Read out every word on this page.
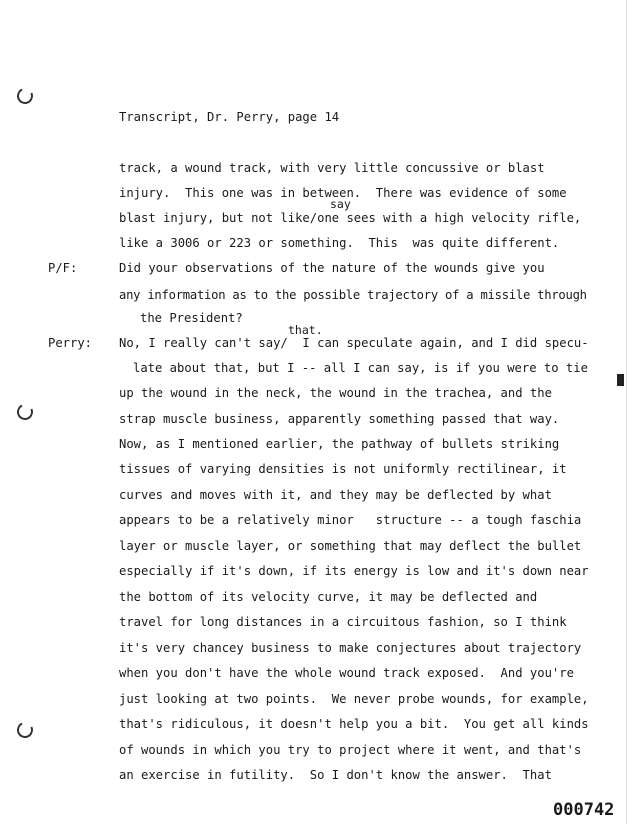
Transcript, Dr. Perry, page 14
track, a wound track, with very little concussive or blast
injury.  This one was in between.  There was evidence of some
say
blast injury, but not like/one sees with a high velocity rifle,
like a 3006 or 223 or something.  This  was quite different.
P/F:	Did your observations of the nature of the wounds give you
any information as to the possible trajectory of a missile through
the President?
that.
Perry: No, I really can't say/  I can speculate again, and I did specu-
late about that, but I -- all I can say, is if you were to tie
up the wound in the neck, the wound in the trachea, and the
strap muscle business, apparently something passed that way.
Now, as I mentioned earlier, the pathway of bullets striking
tissues of varying densities is not uniformly rectilinear, it
curves and moves with it, and they may be deflected by what
appears to be a relatively minor   structure -- a tough faschia
layer or muscle layer, or something that may deflect the bullet
especially if it's down, if its energy is low and it's down near
the bottom of its velocity curve, it may be deflected and
travel for long distances in a circuitous fashion, so I think
it's very chancey business to make conjectures about trajectory
when you don't have the whole wound track exposed.  And you're
just looking at two points.  We never probe wounds, for example,
that's ridiculous, it doesn't help you a bit.  You get all kinds
of wounds in which you try to project where it went, and that's
an exercise in futility.  So I don't know the answer.  That
000742
